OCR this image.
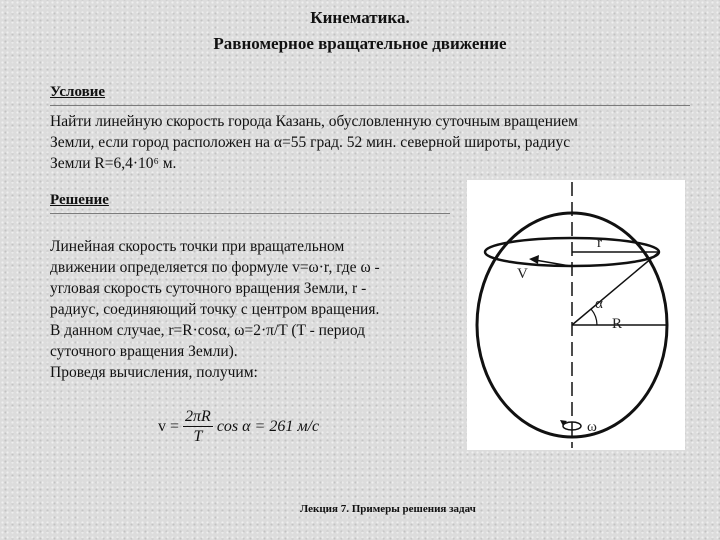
Кинематика.
Равномерное вращательное движение
Условие
Найти линейную скорость города Казань, обусловленную суточным вращением
Земли, если город расположен на α=55 град. 52 мин. северной широты, радиус
Земли R=6,4·10⁶ м.
Решение
Линейная скорость точки при вращательном
движении определяется по формуле v=ω·r, где ω -
угловая скорость суточного вращения Земли, r -
радиус, соединяющий точку с центром вращения.
В данном случае, r=R·cosα, ω=2·π/T (T - период
суточного вращения Земли).
Проведя вычисления, получим:
$v = \frac{2\pi R}{T}$ cos α = 261 м/с
r
V
α
R
ω
Лекция 7. Примеры решения задач
